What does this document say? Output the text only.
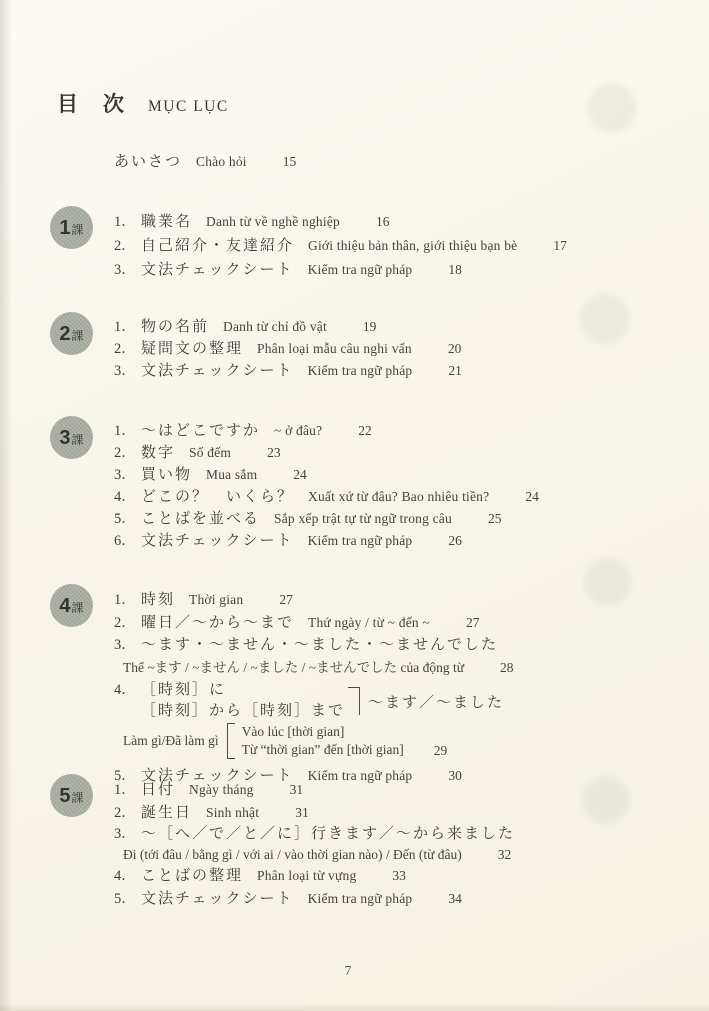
目　次 MỤC LỤC
あいさつ Chào hỏi	15
1 課 1． 職業名 Danh từ về nghề nghiệp	16
2． 自己紹介・友達紹介 Giới thiệu bản thân, giới thiệu bạn bè	17
3． 文法チェックシート Kiểm tra ngữ pháp	18
2 課
1． 物の名前 Danh từ chỉ đồ vật	19
2． 疑問文の整理 Phân loại mẫu câu nghi vấn	20
3． 文法チェックシート Kiểm tra ngữ pháp	21
3 課
1． ～はどこですか ~ ở đâu?	22
2． 数字 Số đếm	23
3． 買い物 Mua sắm	24
4． どこの？　いくら？ Xuất xứ từ đâu? Bao nhiêu tiền?	24
5． ことばを並べる Sắp xếp trật tự từ ngữ trong câu	25
6． 文法チェックシート Kiểm tra ngữ pháp	26
4 課 1． 時刻 Thời gian	27
2． 曜日／～から～まで Thứ ngày / từ ~ đến ~	27
3． ～ます・～ません・～ました・～ませんでした
Thể ~ます / ~ません / ~ました / ~ませんでした của động từ	28
4． ［時刻］に
［時刻］から［時刻］まで
～ます／～ました
Làm gì/Đã làm gì
Vào lúc [thời gian]
Từ “thời gian” đến [thời gian] 29
5． 文法チェックシート Kiểm tra ngữ pháp	30
5 課 1． 日付 Ngày tháng	31
2． 誕生日 Sinh nhật	31
3． ～［へ／で／と／に］行きます／～から来ました
Đi (tới đâu / bằng gì / với ai / vào thời gian nào) / Đến (từ đâu)	32
4． ことばの整理 Phân loại từ vựng	33
5． 文法チェックシート Kiểm tra ngữ pháp	34
7
